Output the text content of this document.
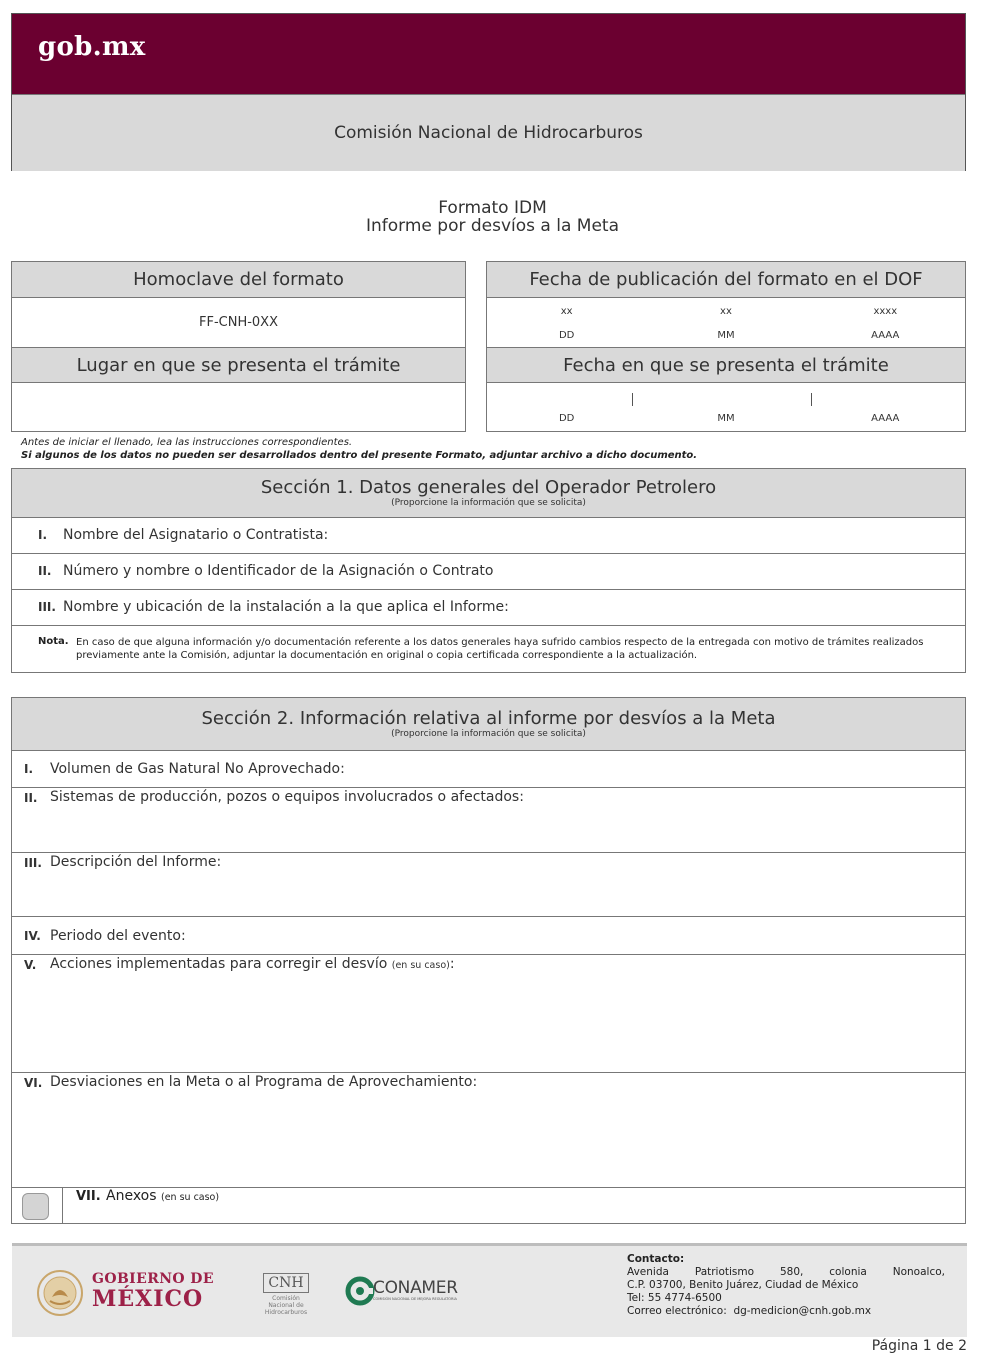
gob.mx
Comisión Nacional de Hidrocarburos
Formato IDM
Informe por desvíos a la Meta
Homoclave del formato
FF-CNH-0XX
Lugar en que se presenta el trámite
Fecha de publicación del formato en el DOF
xx	xx	xxxx
DD	MM	AAAA
Fecha en que se presenta el trámite
DD	MM	AAAA
Antes de iniciar el llenado, lea las instrucciones correspondientes.
Si algunos de los datos no pueden ser desarrollados dentro del presente Formato, adjuntar archivo a dicho documento.
Sección 1. Datos generales del Operador Petrolero
(Proporcione la información que se solicita)
I. Nombre del Asignatario o Contratista:
II. Número y nombre o Identificador de la Asignación o Contrato
III. Nombre y ubicación de la instalación a la que aplica el Informe:
Nota. En caso de que alguna información y/o documentación referente a los datos generales haya sufrido cambios respecto de la entregada con motivo de trámites realizados previamente ante la Comisión, adjuntar la documentación en original o copia certificada correspondiente a la actualización.
Sección 2. Información relativa al informe por desvíos a la Meta
(Proporcione la información que se solicita)
I. Volumen de Gas Natural No Aprovechado:
II. Sistemas de producción, pozos o equipos involucrados o afectados:
III. Descripción del Informe:
IV. Periodo del evento:
V. Acciones implementadas para corregir el desvío (en su caso):
VI. Desviaciones en la Meta o al Programa de Aprovechamiento:
VII. Anexos (en su caso)
GOBIERNO DE
MÉXICO
CNH
Comisión Nacional de Hidrocarburos
CONAMER
COMISIÓN NACIONAL DE MEJORA REGULATORIA
Contacto:
Avenida Patriotismo 580, colonia Nonoalco,
C.P. 03700, Benito Juárez, Ciudad de México
Tel: 55 4774-6500
Correo electrónico: dg-medicion@cnh.gob.mx
Página 1 de 2
